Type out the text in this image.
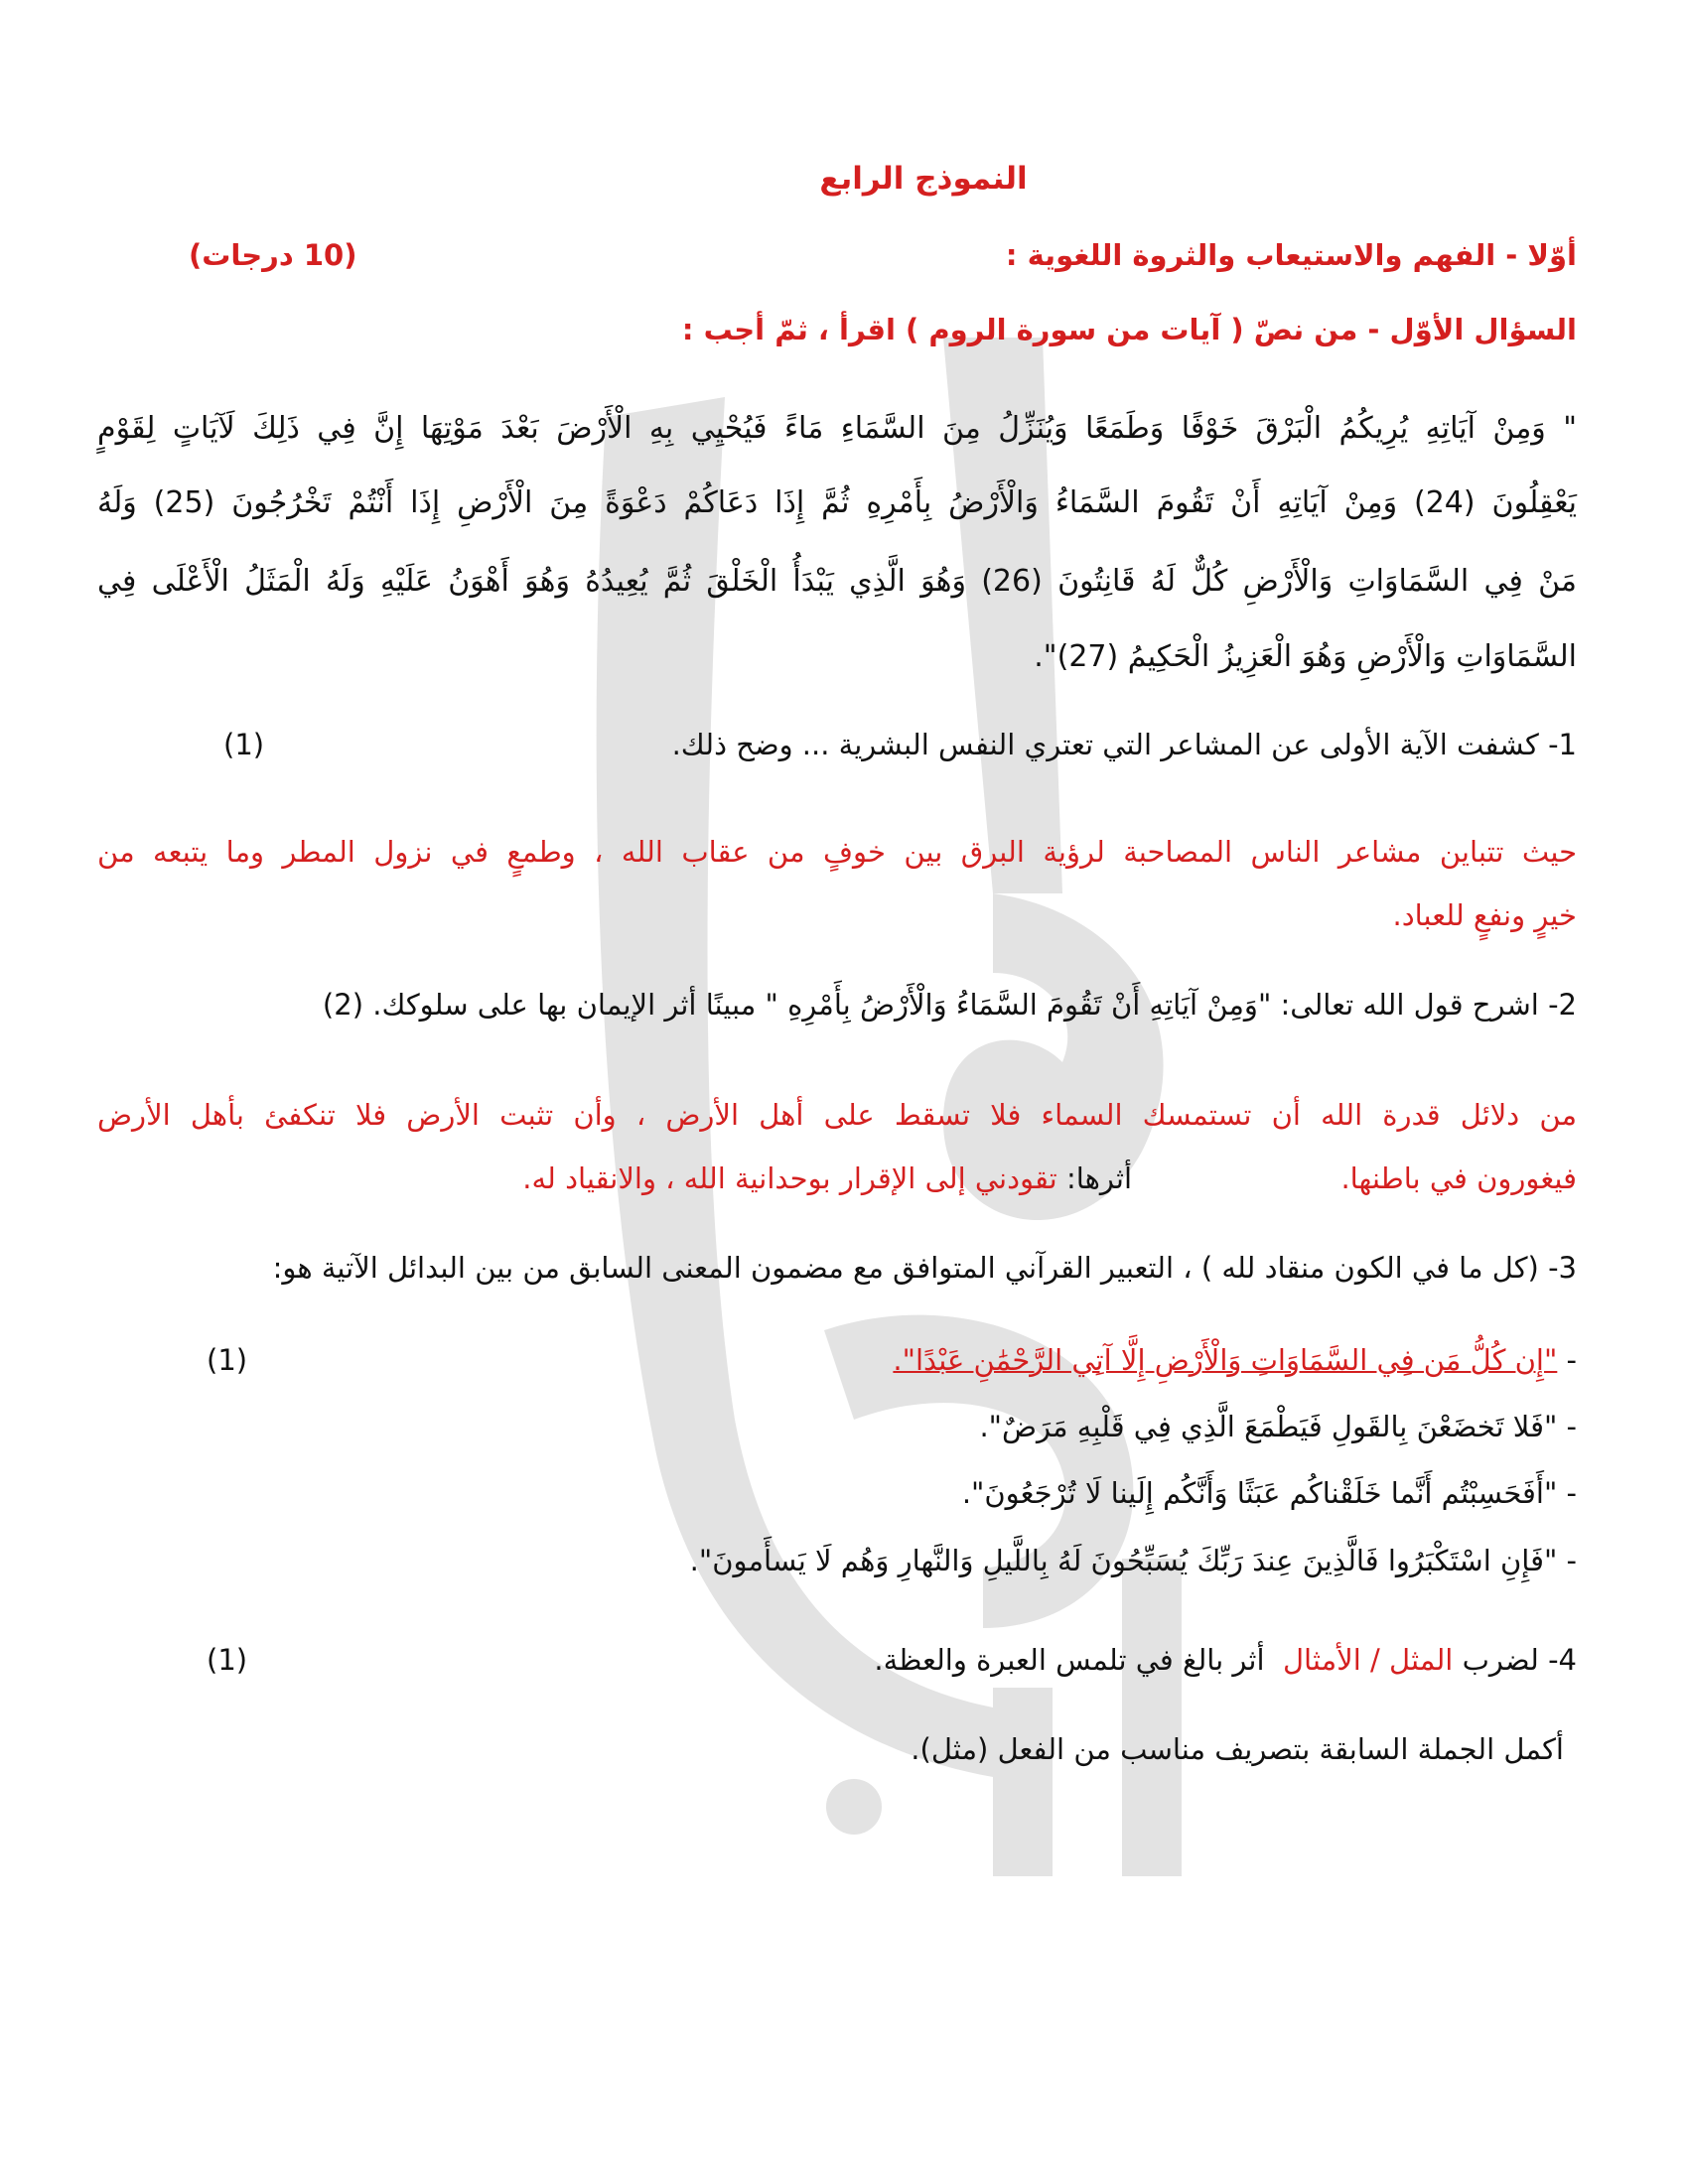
النموذج الرابع
أوّلا - الفهم والاستيعاب والثروة اللغوية :
(10 درجات)
السؤال الأوّل - من نصّ ( آيات من سورة الروم ) اقرأ ، ثمّ أجب :
" وَمِنْ آيَاتِهِ يُرِيكُمُ الْبَرْقَ خَوْفًا وَطَمَعًا وَيُنَزِّلُ مِنَ السَّمَاءِ مَاءً فَيُحْيِي بِهِ الْأَرْضَ بَعْدَ مَوْتِهَا إِنَّ فِي ذَلِكَ لَآيَاتٍ لِقَوْمٍ
يَعْقِلُونَ (24) وَمِنْ آيَاتِهِ أَنْ تَقُومَ السَّمَاءُ وَالْأَرْضُ بِأَمْرِهِ ثُمَّ إِذَا دَعَاكُمْ دَعْوَةً مِنَ الْأَرْضِ إِذَا أَنْتُمْ تَخْرُجُونَ (25) وَلَهُ
مَنْ فِي السَّمَاوَاتِ وَالْأَرْضِ كُلٌّ لَهُ قَانِتُونَ (26) وَهُوَ الَّذِي يَبْدَأُ الْخَلْقَ ثُمَّ يُعِيدُهُ وَهُوَ أَهْوَنُ عَلَيْهِ وَلَهُ الْمَثَلُ الْأَعْلَى فِي
السَّمَاوَاتِ وَالْأَرْضِ وَهُوَ الْعَزِيزُ الْحَكِيمُ (27)".
1- كشفت الآية الأولى عن المشاعر التي تعتري النفس البشرية ... وضح ذلك.
(1)
حيث تتباين مشاعر الناس المصاحبة لرؤية البرق بين خوفٍ من عقاب الله ، وطمعٍ في نزول المطر وما يتبعه من
خيرٍ ونفعٍ للعباد.
2- اشرح قول الله تعالى: "وَمِنْ آيَاتِهِ أَنْ تَقُومَ السَّمَاءُ وَالْأَرْضُ بِأَمْرِهِ " مبينًا أثر الإيمان بها على سلوكك. (2)
من دلائل قدرة الله أن تستمسك السماء فلا تسقط على أهل الأرض ، وأن تثبت الأرض فلا تنكفئ بأهل الأرض
فيغورون في باطنها.
أثرها: تقودني إلى الإقرار بوحدانية الله ، والانقياد له.
3- (كل ما في الكون منقاد لله ) ، التعبير القرآني المتوافق مع مضمون المعنى السابق من بين البدائل الآتية هو:
- "إِن كُلُّ مَن فِي السَّمَاوَاتِ وَالْأَرْضِ إِلَّا آتِي الرَّحْمَٰنِ عَبْدًا".
(1)
- "فَلا تَخضَعْنَ بِالقَولِ فَيَطْمَعَ الَّذِي فِي قَلْبِهِ مَرَضٌ".
- "أَفَحَسِبْتُم أَنَّما خَلَقْناكُم عَبَثًا وَأَنَّكُم إِلَينا لَا تُرْجَعُونَ".
- "فَإِنِ اسْتَكْبَرُوا فَالَّذِينَ عِندَ رَبِّكَ يُسَبِّحُونَ لَهُ بِاللَّيلِ وَالنَّهارِ وَهُم لَا يَسأَمونَ".
4- لضرب المثل / الأمثال  أثر بالغ في تلمس العبرة والعظة.
(1)
أكمل الجملة السابقة بتصريف مناسب من الفعل (مثل).
